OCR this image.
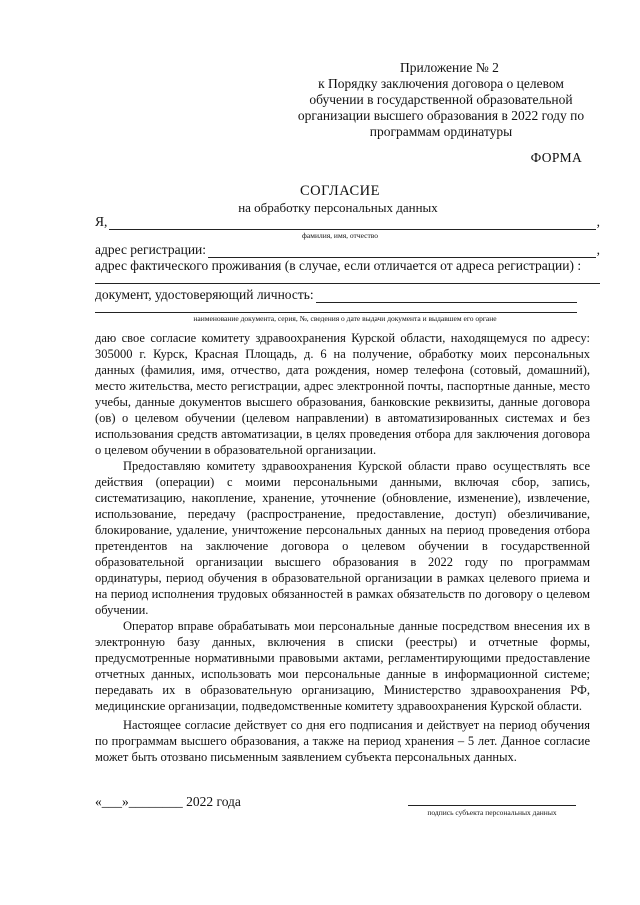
Приложение № 2
к Порядку заключения договора о целевом
обучении в государственной образовательной
организации высшего образования в 2022 году по
программам ординатуры
ФОРМА
СОГЛАСИЕ
на обработку персональных данных
Я,	,
фамилия, имя, отчество
адрес регистрации:	,
адрес фактического проживания (в случае, если отличается от адреса регистрации) :
документ, удостоверяющий личность:
наименование документа, серия, №, сведения о дате выдачи документа и выдавшем его органе

даю свое согласие комитету здравоохранения Курской области, находящемуся по адресу: 305000 г. Курск, Красная Площадь, д. 6 на получение, обработку моих персональных данных (фамилия, имя, отчество, дата рождения, номер телефона (сотовый, домашний), место жительства, место регистрации, адрес электронной почты, паспортные данные, место учебы, данные документов высшего образования, банковские реквизиты, данные договора (ов) о целевом обучении (целевом направлении) в автоматизированных системах и без использования средств автоматизации, в целях проведения отбора для заключения договора о целевом обучении в образовательной организации.

Предоставляю комитету здравоохранения Курской области право осуществлять все действия (операции) с моими персональными данными, включая сбор, запись, систематизацию, накопление, хранение, уточнение (обновление, изменение), извлечение, использование, передачу (распространение, предоставление, доступ) обезличивание, блокирование, удаление, уничтожение персональных данных на период проведения отбора претендентов на заключение договора о целевом обучении в государственной образовательной организации высшего образования в 2022 году по программам ординатуры, период обучения в образовательной организации в рамках целевого приема и на период исполнения трудовых обязанностей в рамках обязательств по договору о целевом обучении.

Оператор вправе обрабатывать мои персональные данные посредством внесения их в электронную базу данных, включения в списки (реестры) и отчетные формы, предусмотренные нормативными правовыми актами, регламентирующими предоставление отчетных данных, использовать мои персональные данные в информационной системе; передавать их в образовательную организацию, Министерство здравоохранения РФ, медицинские организации, подведомственные комитету здравоохранения Курской области.

Настоящее согласие действует со дня его подписания и действует на период обучения по программам высшего образования, а также на период хранения – 5 лет. Данное согласие может быть отозвано письменным заявлением субъекта персональных данных.

«___»________ 2022 года
подпись субъекта персональных данных
